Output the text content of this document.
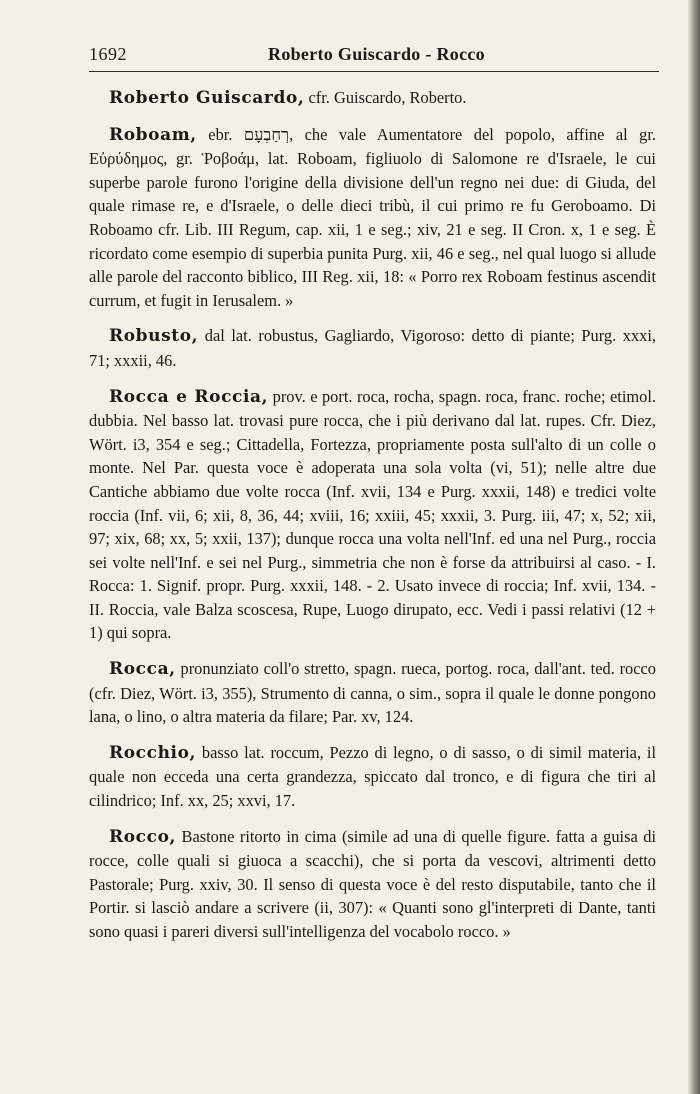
1692	Roberto Guiscardo - Rocco

Roberto Guiscardo, cfr. Guiscardo, Roberto.

Roboam, ebr. רְחַבְעָם, che vale Aumentatore del popolo, affine al gr. Εὐρύδημος, gr. Ῥοβοάμ, lat. Roboam, figliuolo di Salomone re d'Israele, le cui superbe parole furono l'origine della divisione dell'un regno nei due: di Giuda, del quale rimase re, e d'Israele, o delle dieci tribù, il cui primo re fu Geroboamo. Di Roboamo cfr. Lib. III Regum, cap. xii, 1 e seg.; xiv, 21 e seg. II Cron. x, 1 e seg. È ricordato come esempio di superbia punita Purg. xii, 46 e seg., nel qual luogo si allude alle parole del racconto biblico, III Reg. xii, 18: « Porro rex Roboam festinus ascendit currum, et fugit in Ierusalem. »

Robusto, dal lat. robustus, Gagliardo, Vigoroso: detto di piante; Purg. xxxi, 71; xxxii, 46.

Rocca e Roccia, prov. e port. roca, rocha, spagn. roca, franc. roche; etimol. dubbia. Nel basso lat. trovasi pure rocca, che i più derivano dal lat. rupes. Cfr. Diez, Wört. i3, 354 e seg.; Cittadella, Fortezza, propriamente posta sull'alto di un colle o monte. Nel Par. questa voce è adoperata una sola volta (vi, 51); nelle altre due Cantiche abbiamo due volte rocca (Inf. xvii, 134 e Purg. xxxii, 148) e tredici volte roccia (Inf. vii, 6; xii, 8, 36, 44; xviii, 16; xxiii, 45; xxxii, 3. Purg. iii, 47; x, 52; xii, 97; xix, 68; xx, 5; xxii, 137); dunque rocca una volta nell'Inf. ed una nel Purg., roccia sei volte nell'Inf. e sei nel Purg., simmetria che non è forse da attribuirsi al caso. - I. Rocca: 1. Signif. propr. Purg. xxxii, 148. - 2. Usato invece di roccia; Inf. xvii, 134. - II. Roccia, vale Balza scoscesa, Rupe, Luogo dirupato, ecc. Vedi i passi relativi (12 + 1) qui sopra.

Rocca, pronunziato coll'o stretto, spagn. rueca, portog. roca, dall'ant. ted. rocco (cfr. Diez, Wört. i3, 355), Strumento di canna, o sim., sopra il quale le donne pongono lana, o lino, o altra materia da filare; Par. xv, 124.

Rocchio, basso lat. roccum, Pezzo di legno, o di sasso, o di simil materia, il quale non ecceda una certa grandezza, spiccato dal tronco, e di figura che tiri al cilindrico; Inf. xx, 25; xxvi, 17.

Rocco, Bastone ritorto in cima (simile ad una di quelle figure. fatta a guisa di rocce, colle quali si giuoca a scacchi), che si porta da vescovi, altrimenti detto Pastorale; Purg. xxiv, 30. Il senso di questa voce è del resto disputabile, tanto che il Portir. si lasciò andare a scrivere (ii, 307): « Quanti sono gl'interpreti di Dante, tanti sono quasi i pareri diversi sull'intelligenza del vocabolo rocco. »
